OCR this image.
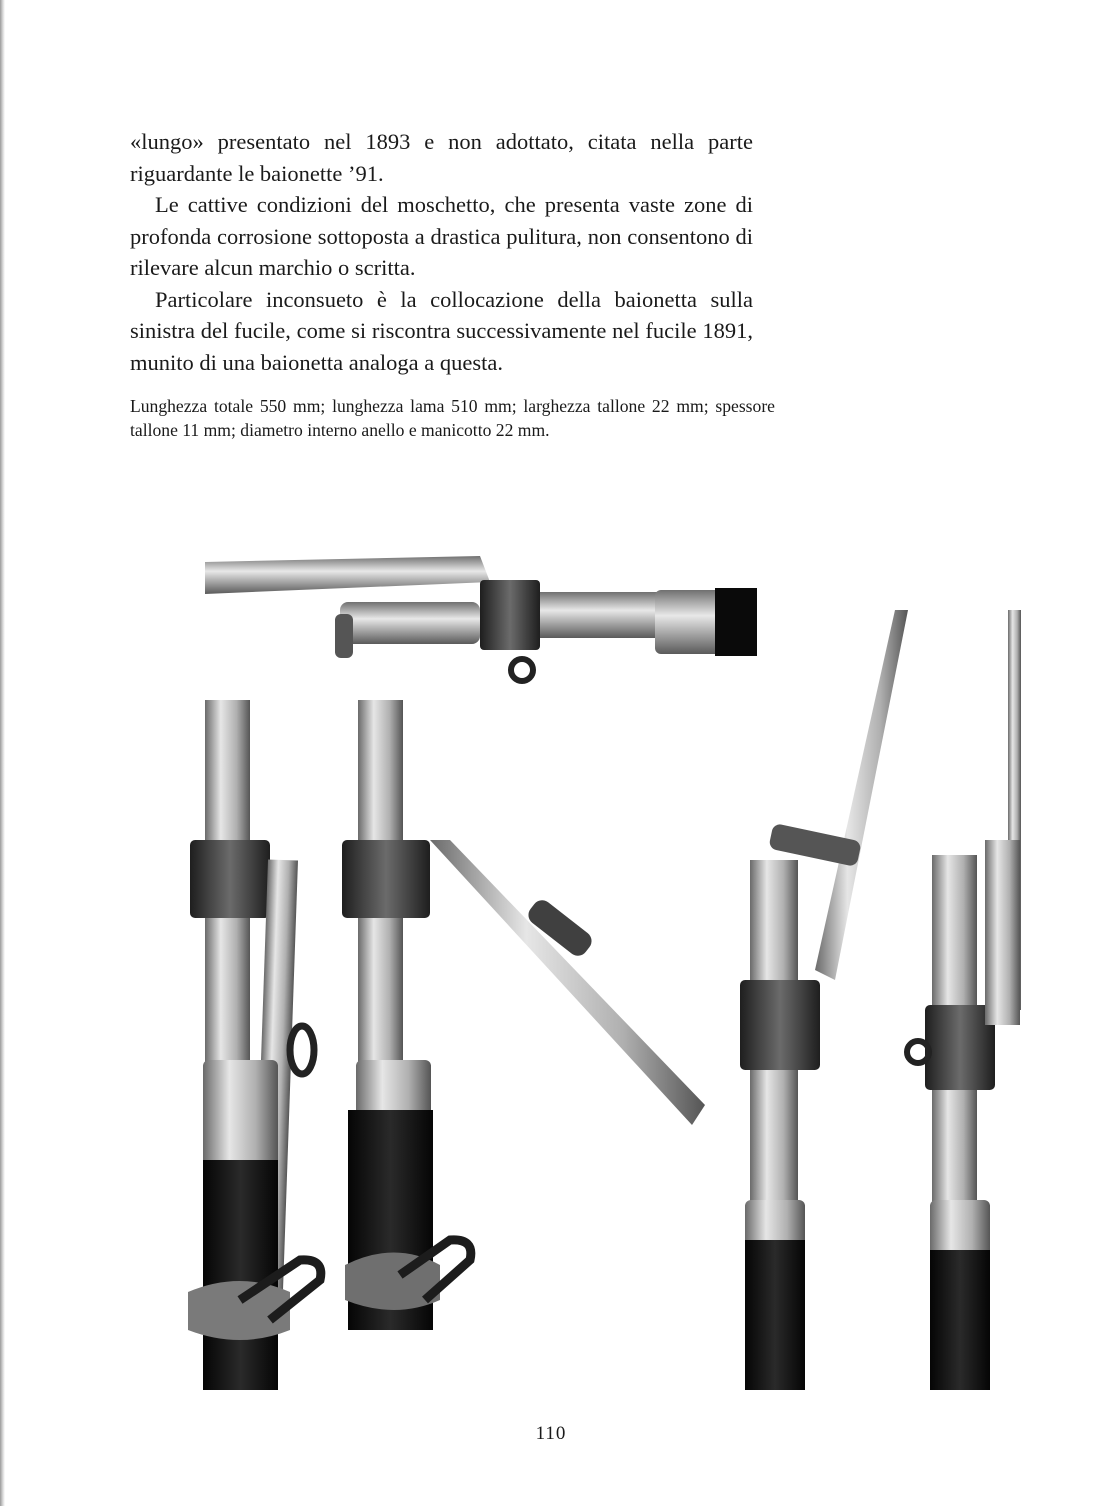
«lungo» presentato nel 1893 e non adottato, citata nella parte riguardante le baionette ’91.

Le cattive condizioni del moschetto, che presenta vaste zone di profonda corrosione sottoposta a drastica pulitura, non consentono di rilevare alcun marchio o scritta.

Particolare inconsueto è la collocazione della baionetta sulla sinistra del fucile, come si riscontra successivamente nel fucile 1891, munito di una baionetta analoga a questa.

Lunghezza totale 550 mm; lunghezza lama 510 mm; larghezza tallone 22 mm; spessore tallone 11 mm; diametro interno anello e manicotto 22 mm.

110
